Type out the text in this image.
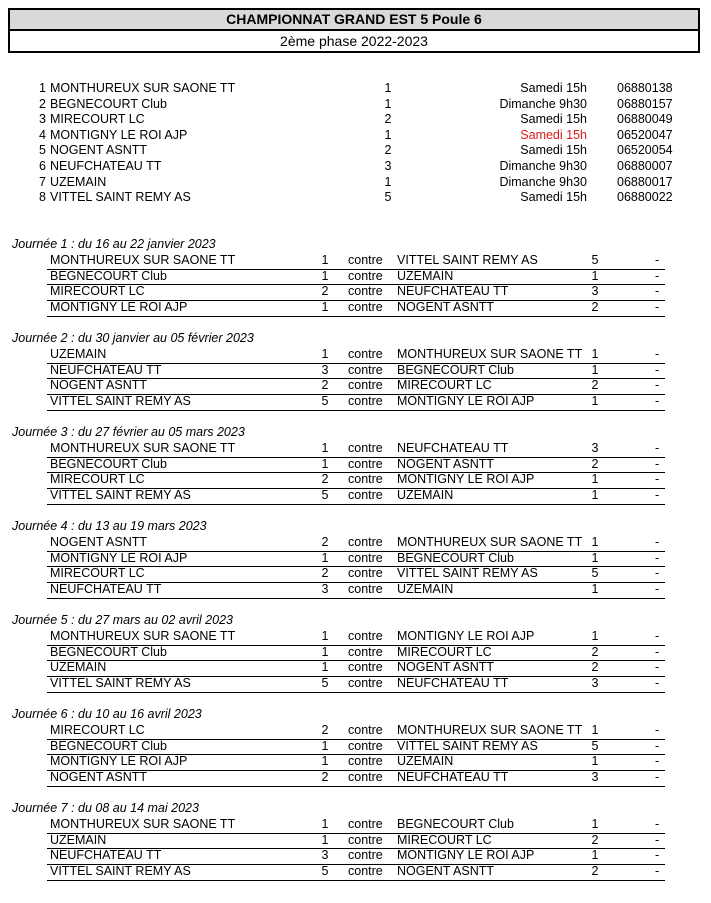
CHAMPIONNAT GRAND EST 5 Poule 6
2ème phase 2022-2023
1 MONTHUREUX SUR SAONE TT	1	Samedi 15h 06880138
2 BEGNECOURT Club	1	Dimanche 9h30 06880157
3 MIRECOURT LC	2	Samedi 15h 06880049
4 MONTIGNY LE ROI AJP	1	Samedi 15h 06520047
5 NOGENT ASNTT	2	Samedi 15h 06520054
6 NEUFCHATEAU TT	3	Dimanche 9h30 06880007
7 UZEMAIN	1	Dimanche 9h30 06880017
8 VITTEL SAINT REMY AS	5	Samedi 15h 06880022
Journée 1 : du 16 au 22 janvier 2023
MONTHUREUX SUR SAONE TT	1	contre VITTEL SAINT REMY AS	5	-
BEGNECOURT Club	1	contre UZEMAIN	1	-
MIRECOURT LC	2	contre NEUFCHATEAU TT	3	-
MONTIGNY LE ROI AJP	1	contre NOGENT ASNTT	2	-
Journée 2 : du 30 janvier au 05 février 2023
UZEMAIN	1	contre MONTHUREUX SUR SAONE TT 1	-
NEUFCHATEAU TT	3	contre BEGNECOURT Club	1	-
NOGENT ASNTT	2	contre MIRECOURT LC	2	-
VITTEL SAINT REMY AS	5	contre MONTIGNY LE ROI AJP	1	-
Journée 3 : du 27 février au 05 mars 2023
MONTHUREUX SUR SAONE TT	1	contre NEUFCHATEAU TT	3	-
BEGNECOURT Club	1	contre NOGENT ASNTT	2	-
MIRECOURT LC	2	contre MONTIGNY LE ROI AJP	1	-
VITTEL SAINT REMY AS	5	contre UZEMAIN	1	-
Journée 4 : du 13 au 19 mars 2023
NOGENT ASNTT	2	contre MONTHUREUX SUR SAONE TT 1	-
MONTIGNY LE ROI AJP	1	contre BEGNECOURT Club	1	-
MIRECOURT LC	2	contre VITTEL SAINT REMY AS	5	-
NEUFCHATEAU TT	3	contre UZEMAIN	1	-
Journée 5 : du 27 mars au 02 avril 2023
MONTHUREUX SUR SAONE TT	1	contre MONTIGNY LE ROI AJP	1	-
BEGNECOURT Club	1	contre MIRECOURT LC	2	-
UZEMAIN	1	contre NOGENT ASNTT	2	-
VITTEL SAINT REMY AS	5	contre NEUFCHATEAU TT	3	-
Journée 6 : du 10 au 16 avril 2023
MIRECOURT LC	2	contre MONTHUREUX SUR SAONE TT 1	-
BEGNECOURT Club	1	contre VITTEL SAINT REMY AS	5	-
MONTIGNY LE ROI AJP	1	contre UZEMAIN	1	-
NOGENT ASNTT	2	contre NEUFCHATEAU TT	3	-
Journée 7 : du 08 au 14 mai 2023
MONTHUREUX SUR SAONE TT	1	contre BEGNECOURT Club	1	-
UZEMAIN	1	contre MIRECOURT LC	2	-
NEUFCHATEAU TT	3	contre MONTIGNY LE ROI AJP	1	-
VITTEL SAINT REMY AS	5	contre NOGENT ASNTT	2	-
